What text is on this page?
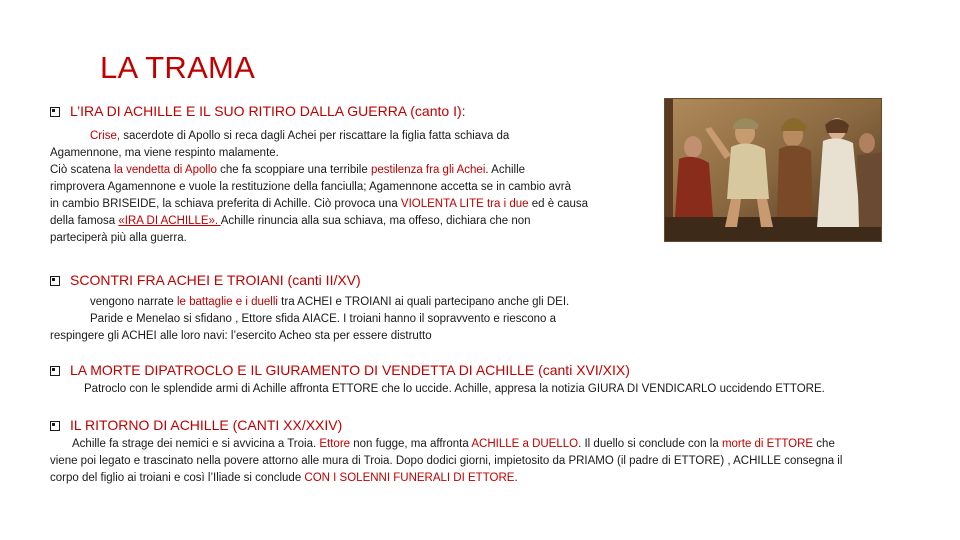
LA TRAMA
L’IRA DI ACHILLE E IL SUO RITIRO DALLA GUERRA (canto I):
Crise, sacerdote di Apollo si reca dagli Achei per riscattare la figlia fatta schiava da
Agamennone, ma viene respinto malamente.
Ciò scatena la vendetta di Apollo che fa scoppiare una terribile pestilenza fra gli Achei. Achille
rimprovera Agamennone e vuole la restituzione della fanciulla; Agamennone accetta se in cambio avrà
in cambio BRISEIDE, la schiava preferita di Achille. Ciò provoca una VIOLENTA LITE tra i due ed è causa
della famosa «IRA DI ACHILLE». Achille rinuncia alla sua schiava, ma offeso, dichiara che non
parteciperà più alla guerra.
SCONTRI FRA ACHEI E TROIANI (canti II/XV)
vengono narrate le battaglie e i duelli tra ACHEI e TROIANI ai quali partecipano anche gli DEI.
Paride e Menelao si sfidano , Ettore sfida AIACE. I troiani hanno il sopravvento e riescono a
respingere gli ACHEI alle loro navi: l’esercito Acheo sta per essere distrutto
LA MORTE DIPATROCLO E IL GIURAMENTO DI VENDETTA DI ACHILLE (canti XVI/XIX)
Patroclo con le splendide armi di Achille affronta ETTORE che lo uccide. Achille, appresa la notizia GIURA DI VENDICARLO uccidendo ETTORE.
IL RITORNO DI ACHILLE (CANTI XX/XXIV)
Achille fa strage dei nemici e si avvicina a Troia. Ettore non fugge, ma affronta ACHILLE a DUELLO. Il duello si conclude con la morte di ETTORE che
viene poi legato e trascinato nella povere attorno alle mura di Troia. Dopo dodici giorni, impietosito da PRIAMO (il padre di ETTORE) , ACHILLE consegna il
corpo del figlio ai troiani e così l’Iliade si conclude CON I SOLENNI FUNERALI DI ETTORE.
